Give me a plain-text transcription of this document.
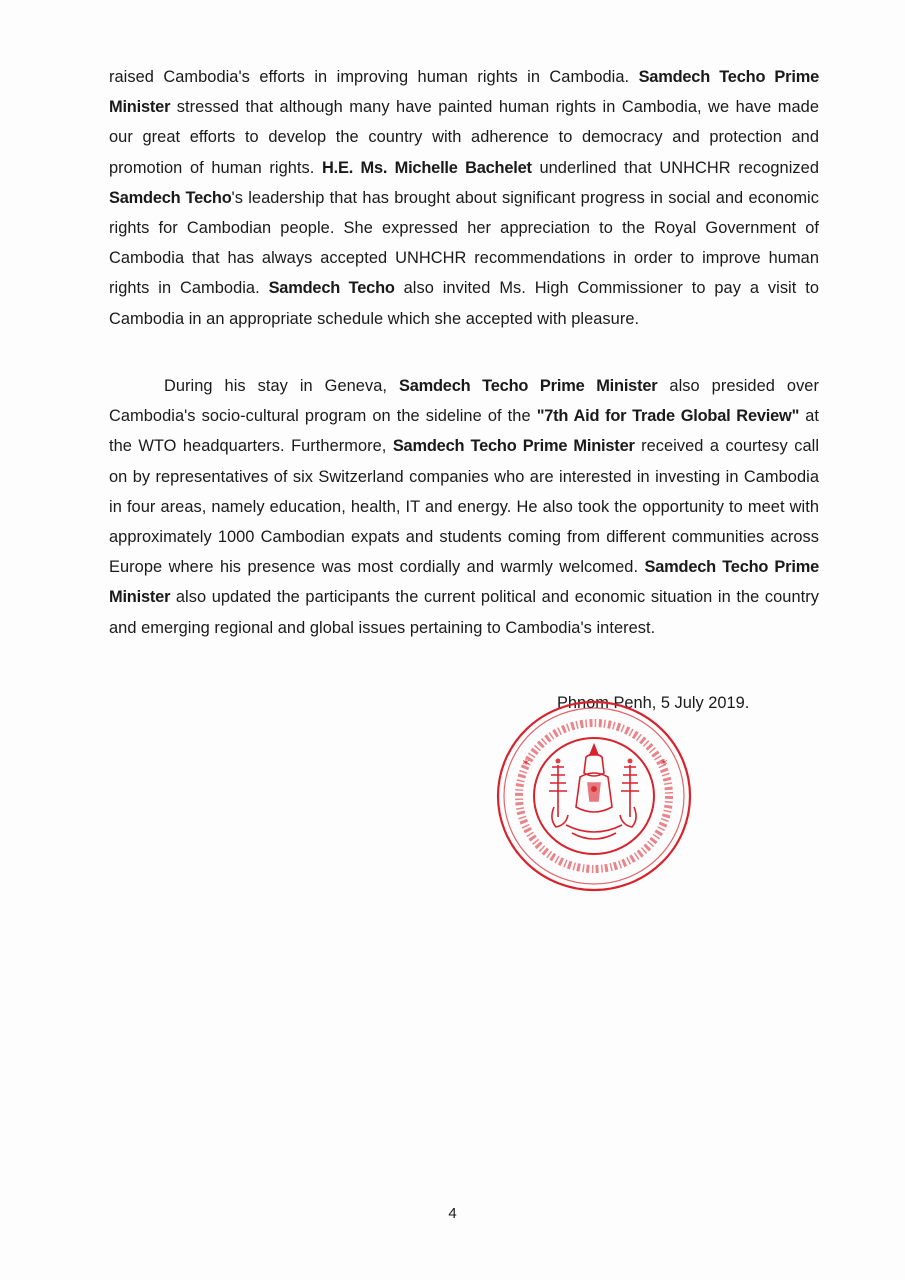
raised Cambodia's efforts in improving human rights in Cambodia. Samdech Techo Prime Minister stressed that although many have painted human rights in Cambodia, we have made our great efforts to develop the country with adherence to democracy and protection and promotion of human rights. H.E. Ms. Michelle Bachelet underlined that UNHCHR recognized Samdech Techo's leadership that has brought about significant progress in social and economic rights for Cambodian people. She expressed her appreciation to the Royal Government of Cambodia that has always accepted UNHCHR recommendations in order to improve human rights in Cambodia. Samdech Techo also invited Ms. High Commissioner to pay a visit to Cambodia in an appropriate schedule which she accepted with pleasure.

During his stay in Geneva, Samdech Techo Prime Minister also presided over Cambodia's socio-cultural program on the sideline of the "7th Aid for Trade Global Review" at the WTO headquarters. Furthermore, Samdech Techo Prime Minister received a courtesy call on by representatives of six Switzerland companies who are interested in investing in Cambodia in four areas, namely education, health, IT and energy. He also took the opportunity to meet with approximately 1000 Cambodian expats and students coming from different communities across Europe where his presence was most cordially and warmly welcomed. Samdech Techo Prime Minister also updated the participants the current political and economic situation in the country and emerging regional and global issues pertaining to Cambodia's interest.

Phnom Penh, 5 July 2019.
*	*
4
